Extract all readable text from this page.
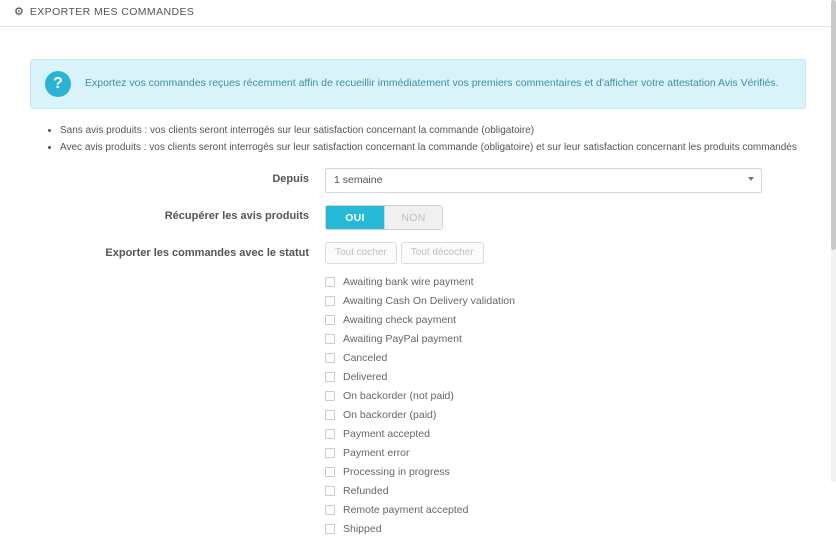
⚙ EXPORTER MES COMMANDES
?	Exportez vos commandes reçues récemment affin de recueillir immédiatement vos premiers commentaires et d'afficher votre attestation Avis Vérifiés.
Sans avis produits : vos clients seront interrogés sur leur satisfaction concernant la commande (obligatoire)
Avec avis produits : vos clients seront interrogés sur leur satisfaction concernant la commande (obligatoire) et sur leur satisfaction concernant les produits commandés
Depuis	1 semaine
Récupérer les avis produits	OUI	NON
Exporter les commandes avec le statut	Tout cocher	Tout décocher
Awaiting bank wire payment
Awaiting Cash On Delivery validation
Awaiting check payment
Awaiting PayPal payment
Canceled
Delivered
On backorder (not paid)
On backorder (paid)
Payment accepted
Payment error
Processing in progress
Refunded
Remote payment accepted
Shipped
